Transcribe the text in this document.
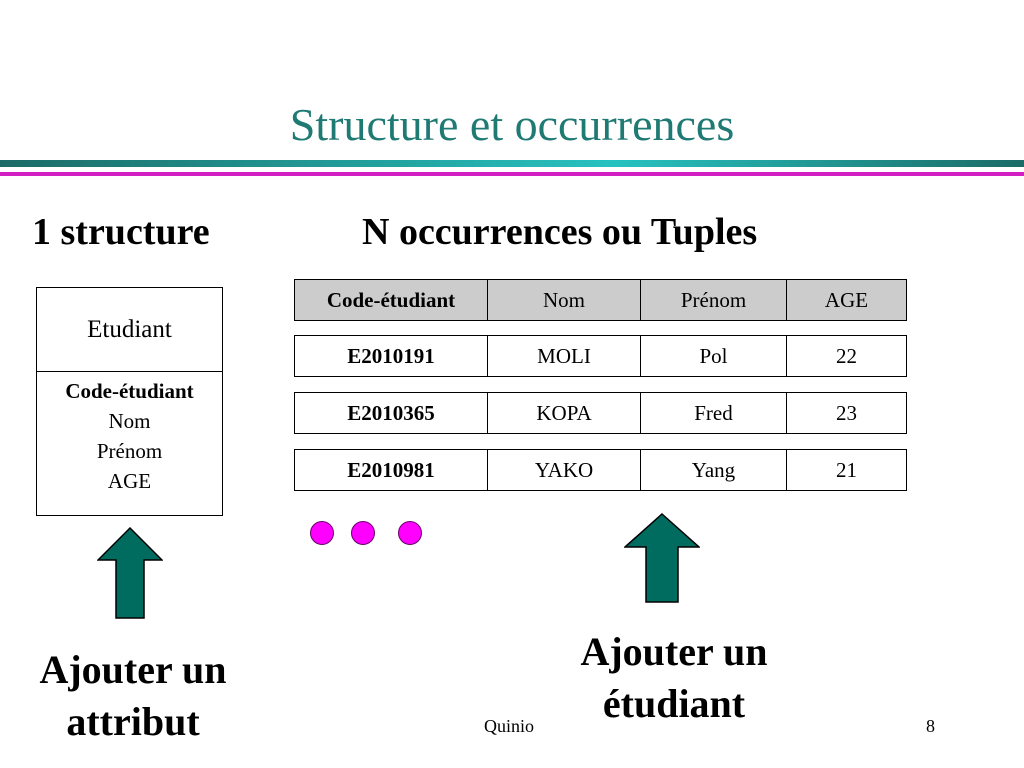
Structure et occurrences
1 structure	N occurrences ou Tuples
Etudiant
Code-étudiant
Nom
Prénom
AGE
Code-étudiant	Nom	Prénom	AGE
E2010191	MOLI	Pol	22
E2010365	KOPA	Fred	23
E2010981	YAKO	Yang	21
Ajouter un
attribut
Ajouter un
étudiant
Quinio	8
